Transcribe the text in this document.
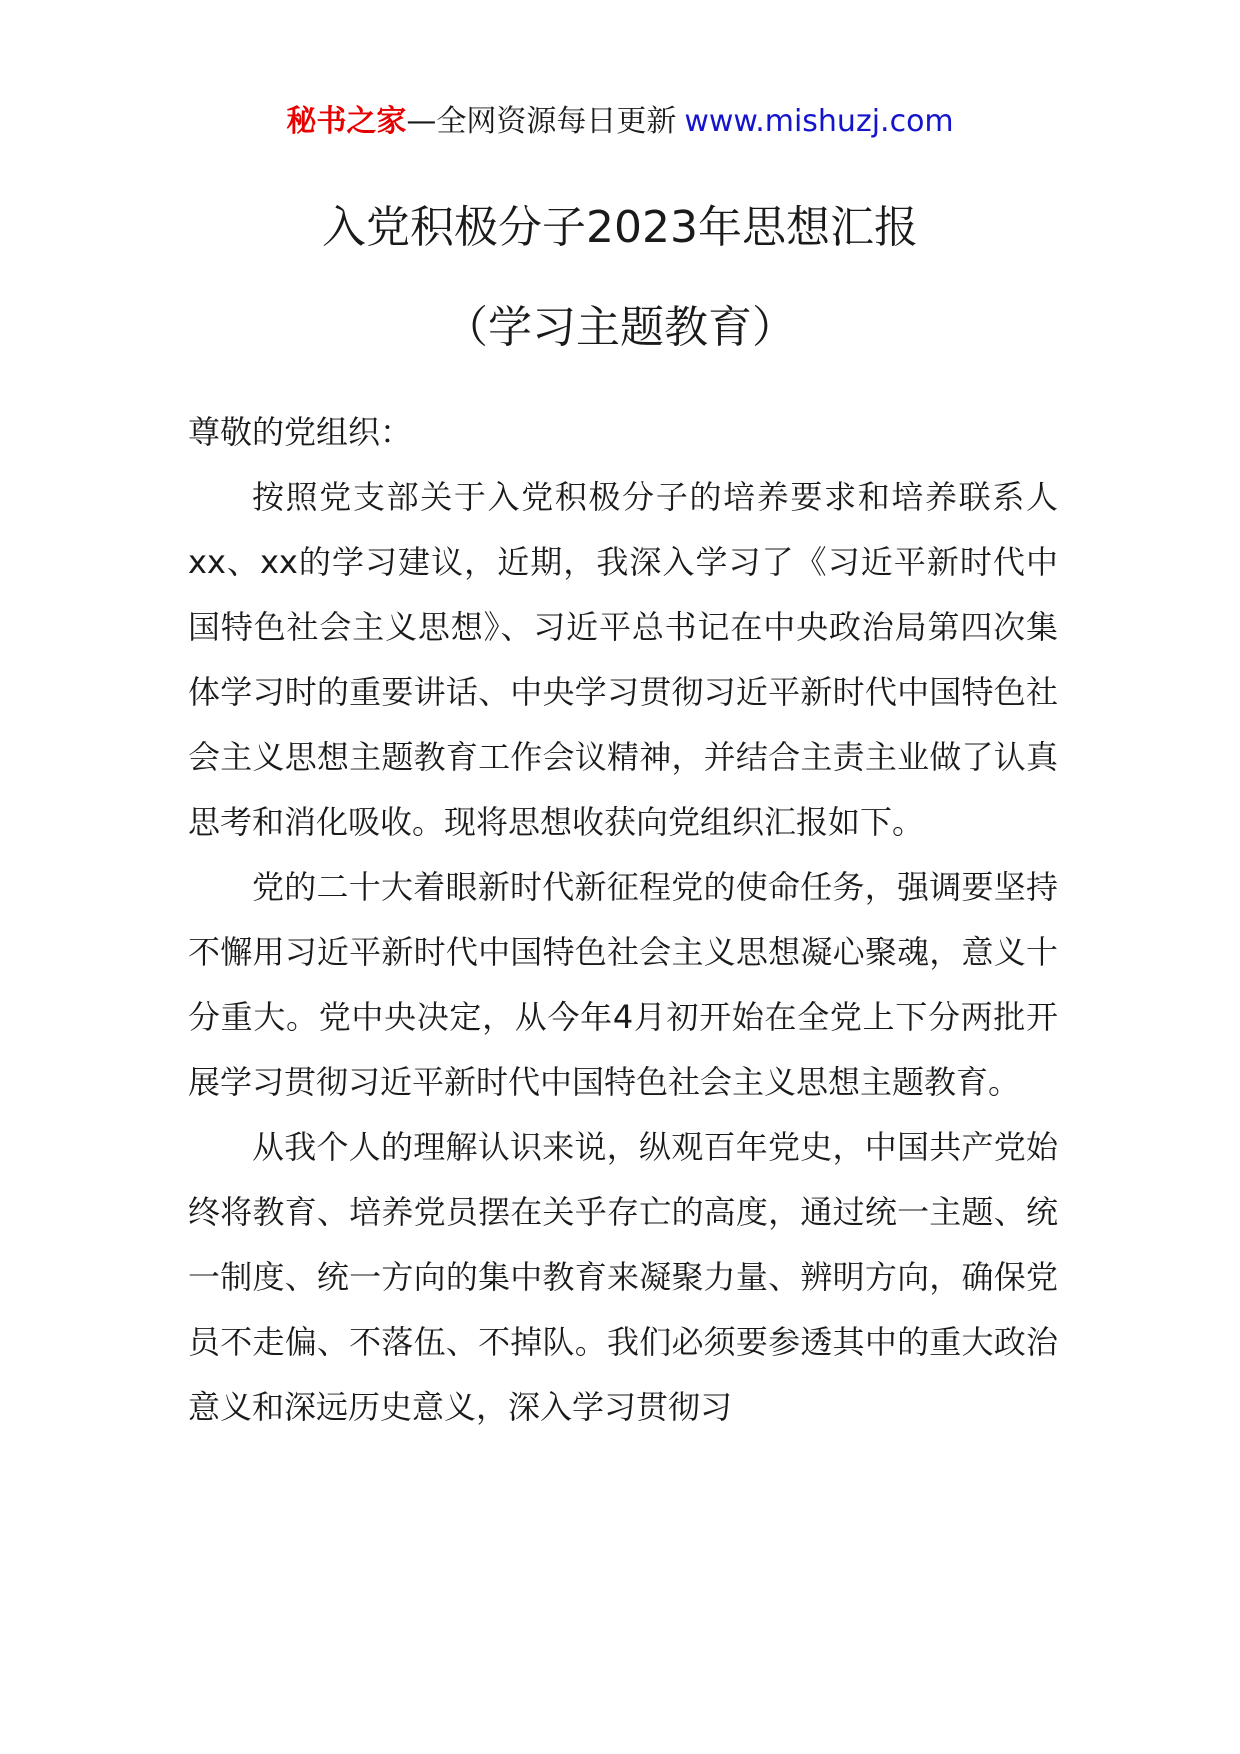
秘书之家—全网资源每日更新 www.mishuzj.com
入党积极分子2023年思想汇报
（学习主题教育）

尊敬的党组织：

按照党支部关于入党积极分子的培养要求和培养联系人xx、xx的学习建议，近期，我深入学习了《习近平新时代中国特色社会主义思想》、习近平总书记在中央政治局第四次集体学习时的重要讲话、中央学习贯彻习近平新时代中国特色社会主义思想主题教育工作会议精神，并结合主责主业做了认真思考和消化吸收。现将思想收获向党组织汇报如下。

党的二十大着眼新时代新征程党的使命任务，强调要坚持不懈用习近平新时代中国特色社会主义思想凝心聚魂，意义十分重大。党中央决定，从今年4月初开始在全党上下分两批开展学习贯彻习近平新时代中国特色社会主义思想主题教育。

从我个人的理解认识来说，纵观百年党史，中国共产党始终将教育、培养党员摆在关乎存亡的高度，通过统一主题、统一制度、统一方向的集中教育来凝聚力量、辨明方向，确保党员不走偏、不落伍、不掉队。我们必须要参透其中的重大政治意义和深远历史意义，深入学习贯彻习
